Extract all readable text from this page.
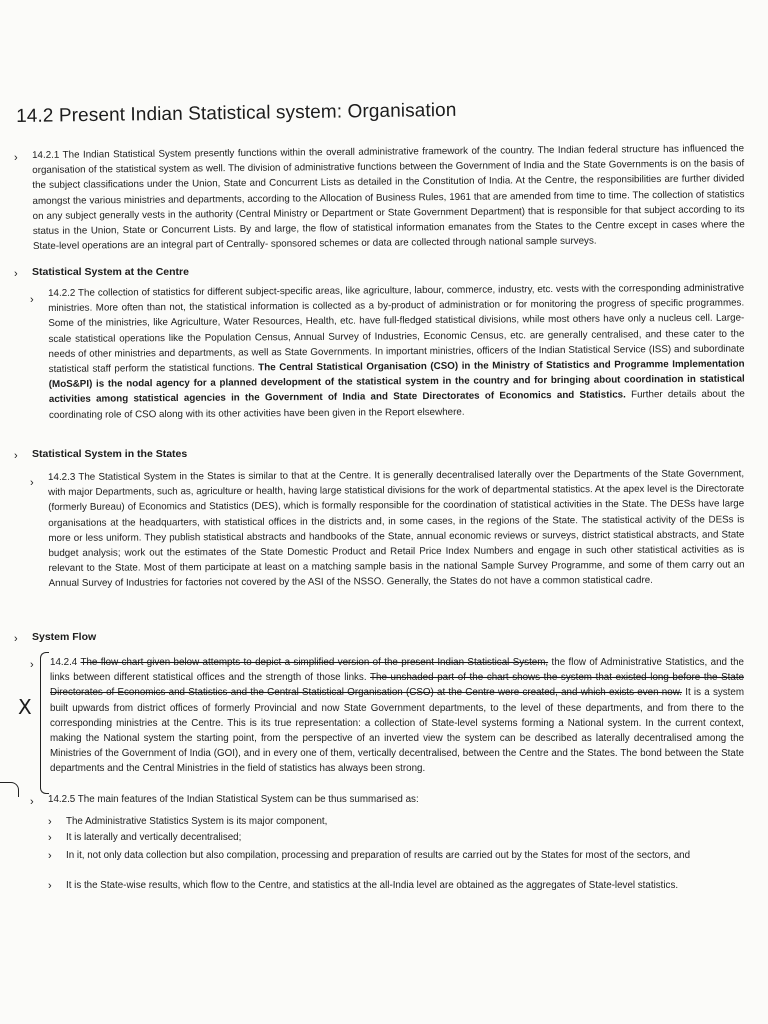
14.2 Present Indian Statistical system: Organisation
› 14.2.1 The Indian Statistical System presently functions within the overall administrative framework of the country. The Indian federal structure has influenced the organisation of the statistical system as well. The division of administrative functions between the Government of India and the State Governments is on the basis of the subject classifications under the Union, State and Concurrent Lists as detailed in the Constitution of India. At the Centre, the responsibilities are further divided amongst the various ministries and departments, according to the Allocation of Business Rules, 1961 that are amended from time to time. The collection of statistics on any subject generally vests in the authority (Central Ministry or Department or State Government Department) that is responsible for that subject according to its status in the Union, State or Concurrent Lists. By and large, the flow of statistical information emanates from the States to the Centre except in cases where the State-level operations are an integral part of Centrally- sponsored schemes or data are collected through national sample surveys.

› Statistical System at the Centre
›

14.2.2 The collection of statistics for different subject-specific areas, like agriculture, labour, commerce, industry, etc. vests with the corresponding administrative ministries. More often than not, the statistical information is collected as a by-product of administration or for monitoring the progress of specific programmes. Some of the ministries, like Agriculture, Water Resources, Health, etc. have full-fledged statistical divisions, while most others have only a nucleus cell. Large-scale statistical operations like the Population Census, Annual Survey of Industries, Economic Census, etc. are generally centralised, and these cater to the needs of other ministries and departments, as well as State Governments. In important ministries, officers of the Indian Statistical Service (ISS) and subordinate statistical staff perform the statistical functions. The Central Statistical Organisation (CSO) in the Ministry of Statistics and Programme Implementation (MoS&PI) is the nodal agency for a planned development of the statistical system in the country and for bringing about coordination in statistical activities among statistical agencies in the Government of India and State Directorates of Economics and Statistics. Further details about the coordinating role of CSO along with its other activities have been given in the Report elsewhere.

› Statistical System in the States
› 14.2.3 The Statistical System in the States is similar to that at the Centre. It is generally decentralised laterally over the Departments of the State Government, with major Departments, such as, agriculture or health, having large statistical divisions for the work of departmental statistics. At the apex level is the Directorate (formerly Bureau) of Economics and Statistics (DES), which is formally responsible for the coordination of statistical activities in the State. The DESs have large organisations at the headquarters, with statistical offices in the districts and, in some cases, in the regions of the State. The statistical activity of the DESs is more or less uniform. They publish statistical abstracts and handbooks of the State, annual economic reviews or surveys, district statistical abstracts, and State budget analysis; work out the estimates of the State Domestic Product and Retail Price Index Numbers and engage in such other statistical activities as is relevant to the State. Most of them participate at least on a matching sample basis in the national Sample Survey Programme, and some of them carry out an Annual Survey of Industries for factories not covered by the ASI of the NSSO. Generally, the States do not have a common statistical cadre.

› System Flow
›
X

14.2.4 The flow chart given below attempts to depict a simplified version of the present Indian Statistical System, the flow of Administrative Statistics, and the links between different statistical offices and the strength of those links. The unshaded part of the chart shows the system that existed long before the State Directorates of Economics and Statistics and the Central Statistical Organisation (CSO) at the Centre were created, and which exists even now. It is a system built upwards from district offices of formerly Provincial and now State Government departments, to the level of these departments, and from there to the corresponding ministries at the Centre. This is its true representation: a collection of State-level systems forming a National system. In the current context, making the National system the starting point, from the perspective of an inverted view the system can be described as laterally decentralised among the Ministries of the Government of India (GOI), and in every one of them, vertically decentralised, between the Centre and the States. The bond between the State departments and the Central Ministries in the field of statistics has always been strong.

› 14.2.5 The main features of the Indian Statistical System can be thus summarised as:

› The Administrative Statistics System is its major component,

› It is laterally and vertically decentralised;

› In it, not only data collection but also compilation, processing and preparation of results are carried out by the States for most of the sectors, and

› It is the State-wise results, which flow to the Centre, and statistics at the all-India level are obtained as the aggregates of State-level statistics.
